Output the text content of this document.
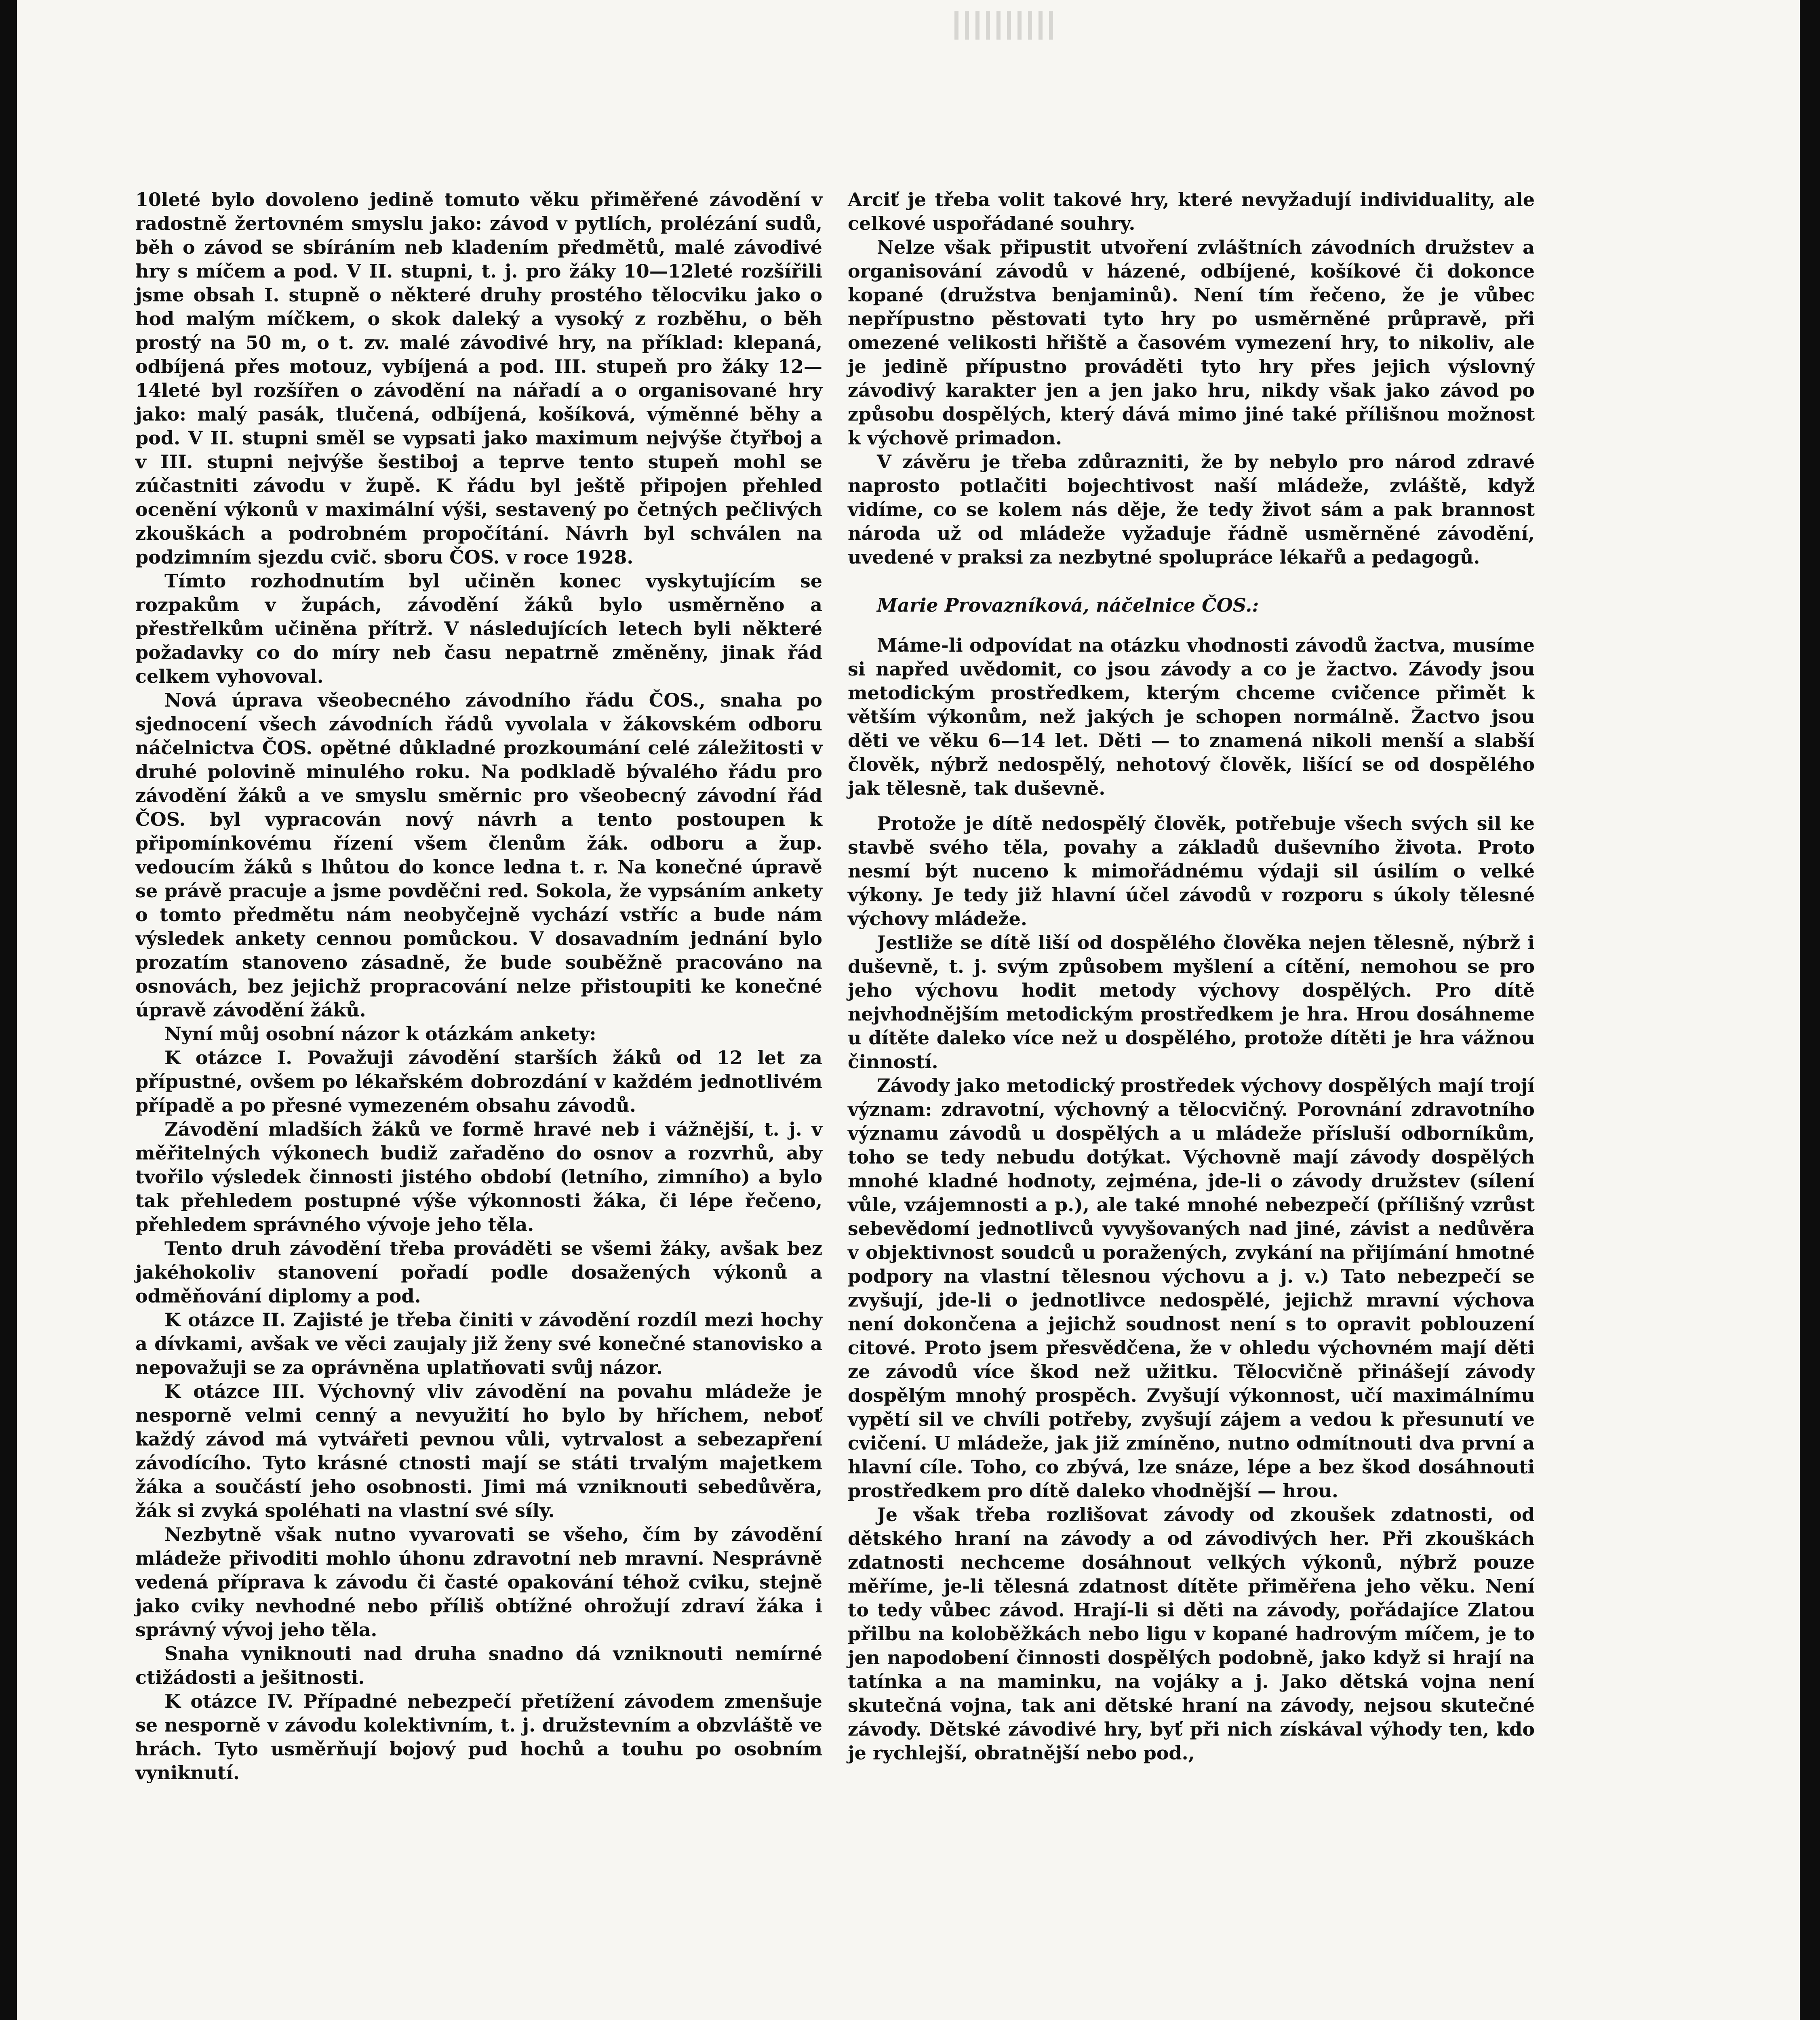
10leté bylo dovoleno jedině tomuto věku přiměřené závodění v radostně žertovném smyslu jako: závod v pytlích, prolézání sudů, běh o závod se sbíráním neb kladením předmětů, malé závodivé hry s míčem a pod. V II. stupni, t. j. pro žáky 10—12leté rozšířili jsme obsah I. stupně o některé druhy prostého tělocviku jako o hod malým míčkem, o skok daleký a vysoký z rozběhu, o běh prostý na 50 m, o t. zv. malé závodivé hry, na příklad: klepaná, odbíjená přes motouz, vybíjená a pod. III. stupeň pro žáky 12—14leté byl rozšířen o závodění na nářadí a o organisované hry jako: malý pasák, tlučená, odbíjená, košíková, výměnné běhy a pod. V II. stupni směl se vypsati jako maximum nejvýše čtyřboj a v III. stupni nejvýše šestiboj a teprve tento stupeň mohl se zúčastniti závodu v župě. K řádu byl ještě připojen přehled ocenění výkonů v maximální výši, sestavený po četných pečlivých zkouškách a podrobném propočítání. Návrh byl schválen na podzimním sjezdu cvič. sboru ČOS. v roce 1928.

Tímto rozhodnutím byl učiněn konec vyskytujícím se rozpakům v župách, závodění žáků bylo usměrněno a přestřelkům učiněna přítrž. V následujících letech byli některé požadavky co do míry neb času nepatrně změněny, jinak řád celkem vyhovoval.

Nová úprava všeobecného závodního řádu ČOS., snaha po sjednocení všech závodních řádů vyvolala v žákovském odboru náčelnictva ČOS. opětné důkladné prozkoumání celé záležitosti v druhé polovině minulého roku. Na podkladě bývalého řádu pro závodění žáků a ve smyslu směrnic pro všeobecný závodní řád ČOS. byl vypracován nový návrh a tento postoupen k připomínkovému řízení všem členům žák. odboru a žup. vedoucím žáků s lhůtou do konce ledna t. r. Na konečné úpravě se právě pracuje a jsme povděčni red. Sokola, že vypsáním ankety o tomto předmětu nám neobyčejně vychází vstříc a bude nám výsledek ankety cennou pomůckou. V dosavadním jednání bylo prozatím stanoveno zásadně, že bude souběžně pracováno na osnovách, bez jejichž propracování nelze přistoupiti ke konečné úpravě závodění žáků.

Nyní můj osobní názor k otázkám ankety:

K otázce I. Považuji závodění starších žáků od 12 let za přípustné, ovšem po lékařském dobrozdání v každém jednotlivém případě a po přesné vymezeném obsahu závodů.

Závodění mladších žáků ve formě hravé neb i vážnější, t. j. v měřitelných výkonech budiž zařaděno do osnov a rozvrhů, aby tvořilo výsledek činnosti jistého období (letního, zimního) a bylo tak přehledem postupné výše výkonnosti žáka, či lépe řečeno, přehledem správného vývoje jeho těla.

Tento druh závodění třeba prováděti se všemi žáky, avšak bez jakéhokoliv stanovení pořadí podle dosažených výkonů a odměňování diplomy a pod.

K otázce II. Zajisté je třeba činiti v závodění rozdíl mezi hochy a dívkami, avšak ve věci zaujaly již ženy své konečné stanovisko a nepovažuji se za oprávněna uplatňovati svůj názor.

K otázce III. Výchovný vliv závodění na povahu mládeže je nesporně velmi cenný a nevyužití ho bylo by hříchem, neboť každý závod má vytvářeti pevnou vůli, vytrvalost a sebezapření závodícího. Tyto krásné ctnosti mají se státi trvalým majetkem žáka a součástí jeho osobnosti. Jimi má vzniknouti sebedůvěra, žák si zvyká spoléhati na vlastní své síly.

Nezbytně však nutno vyvarovati se všeho, čím by závodění mládeže přivoditi mohlo úhonu zdravotní neb mravní. Nesprávně vedená příprava k závodu či časté opakování téhož cviku, stejně jako cviky nevhodné nebo příliš obtížné ohrožují zdraví žáka i správný vývoj jeho těla.

Snaha vyniknouti nad druha snadno dá vzniknouti nemírné ctižádosti a ješitnosti.

K otázce IV. Případné nebezpečí přetížení závodem zmenšuje se nesporně v závodu kolektivním, t. j. družstevním a obzvláště ve hrách. Tyto usměrňují bojový pud hochů a touhu po osobním vyniknutí.

Arciť je třeba volit takové hry, které nevyžadují individuality, ale celkové uspořádané souhry.

Nelze však připustit utvoření zvláštních závodních družstev a organisování závodů v házené, odbíjené, košíkové či dokonce kopané (družstva benjaminů). Není tím řečeno, že je vůbec nepřípustno pěstovati tyto hry po usměrněné průpravě, při omezené velikosti hřiště a časovém vymezení hry, to nikoliv, ale je jedině přípustno prováděti tyto hry přes jejich výslovný závodivý karakter jen a jen jako hru, nikdy však jako závod po způsobu dospělých, který dává mimo jiné také přílišnou možnost k výchově primadon.

V závěru je třeba zdůrazniti, že by nebylo pro národ zdravé naprosto potlačiti bojechtivost naší mládeže, zvláště, když vidíme, co se kolem nás děje, že tedy život sám a pak brannost národa už od mládeže vyžaduje řádně usměrněné závodění, uvedené v praksi za nezbytné spolupráce lékařů a pedagogů.

Marie Provazníková, náčelnice ČOS.:

Máme-li odpovídat na otázku vhodnosti závodů žactva, musíme si napřed uvědomit, co jsou závody a co je žactvo. Závody jsou metodickým prostředkem, kterým chceme cvičence přimět k větším výkonům, než jakých je schopen normálně. Žactvo jsou děti ve věku 6—14 let. Děti — to znamená nikoli menší a slabší člověk, nýbrž nedospělý, nehotový člověk, lišící se od dospělého jak tělesně, tak duševně.

Protože je dítě nedospělý člověk, potřebuje všech svých sil ke stavbě svého těla, povahy a základů duševního života. Proto nesmí být nuceno k mimořádnému výdaji sil úsilím o velké výkony. Je tedy již hlavní účel závodů v rozporu s úkoly tělesné výchovy mládeže.

Jestliže se dítě liší od dospělého člověka nejen tělesně, nýbrž i duševně, t. j. svým způsobem myšlení a cítění, nemohou se pro jeho výchovu hodit metody výchovy dospělých. Pro dítě nejvhodnějším metodickým prostředkem je hra. Hrou dosáhneme u dítěte daleko více než u dospělého, protože dítěti je hra vážnou činností.

Závody jako metodický prostředek výchovy dospělých mají trojí význam: zdravotní, výchovný a tělocvičný. Porovnání zdravotního významu závodů u dospělých a u mládeže přísluší odborníkům, toho se tedy nebudu dotýkat. Výchovně mají závody dospělých mnohé kladné hodnoty, zejména, jde-li o závody družstev (sílení vůle, vzájemnosti a p.), ale také mnohé nebezpečí (přílišný vzrůst sebevědomí jednotlivců vyvyšovaných nad jiné, závist a nedůvěra v objektivnost soudců u poražených, zvykání na přijímání hmotné podpory na vlastní tělesnou výchovu a j. v.) Tato nebezpečí se zvyšují, jde-li o jednotlivce nedospělé, jejichž mravní výchova není dokončena a jejichž soudnost není s to opravit poblouzení citové. Proto jsem přesvědčena, že v ohledu výchovném mají děti ze závodů více škod než užitku. Tělocvičně přinášejí závody dospělým mnohý prospěch. Zvyšují výkonnost, učí maximálnímu vypětí sil ve chvíli potřeby, zvyšují zájem a vedou k přesunutí ve cvičení. U mládeže, jak již zmíněno, nutno odmítnouti dva první a hlavní cíle. Toho, co zbývá, lze snáze, lépe a bez škod dosáhnouti prostředkem pro dítě daleko vhodnější — hrou.

Je však třeba rozlišovat závody od zkoušek zdatnosti, od dětského hraní na závody a od závodivých her. Při zkouškách zdatnosti nechceme dosáhnout velkých výkonů, nýbrž pouze měříme, je-li tělesná zdatnost dítěte přiměřena jeho věku. Není to tedy vůbec závod. Hrají-li si děti na závody, pořádajíce Zlatou přilbu na koloběžkách nebo ligu v kopané hadrovým míčem, je to jen napodobení činnosti dospělých podobně, jako když si hrají na tatínka a na maminku, na vojáky a j. Jako dětská vojna není skutečná vojna, tak ani dětské hraní na závody, nejsou skutečné závody. Dětské závodivé hry, byť při nich získával výhody ten, kdo je rychlejší, obratnější nebo pod.,
